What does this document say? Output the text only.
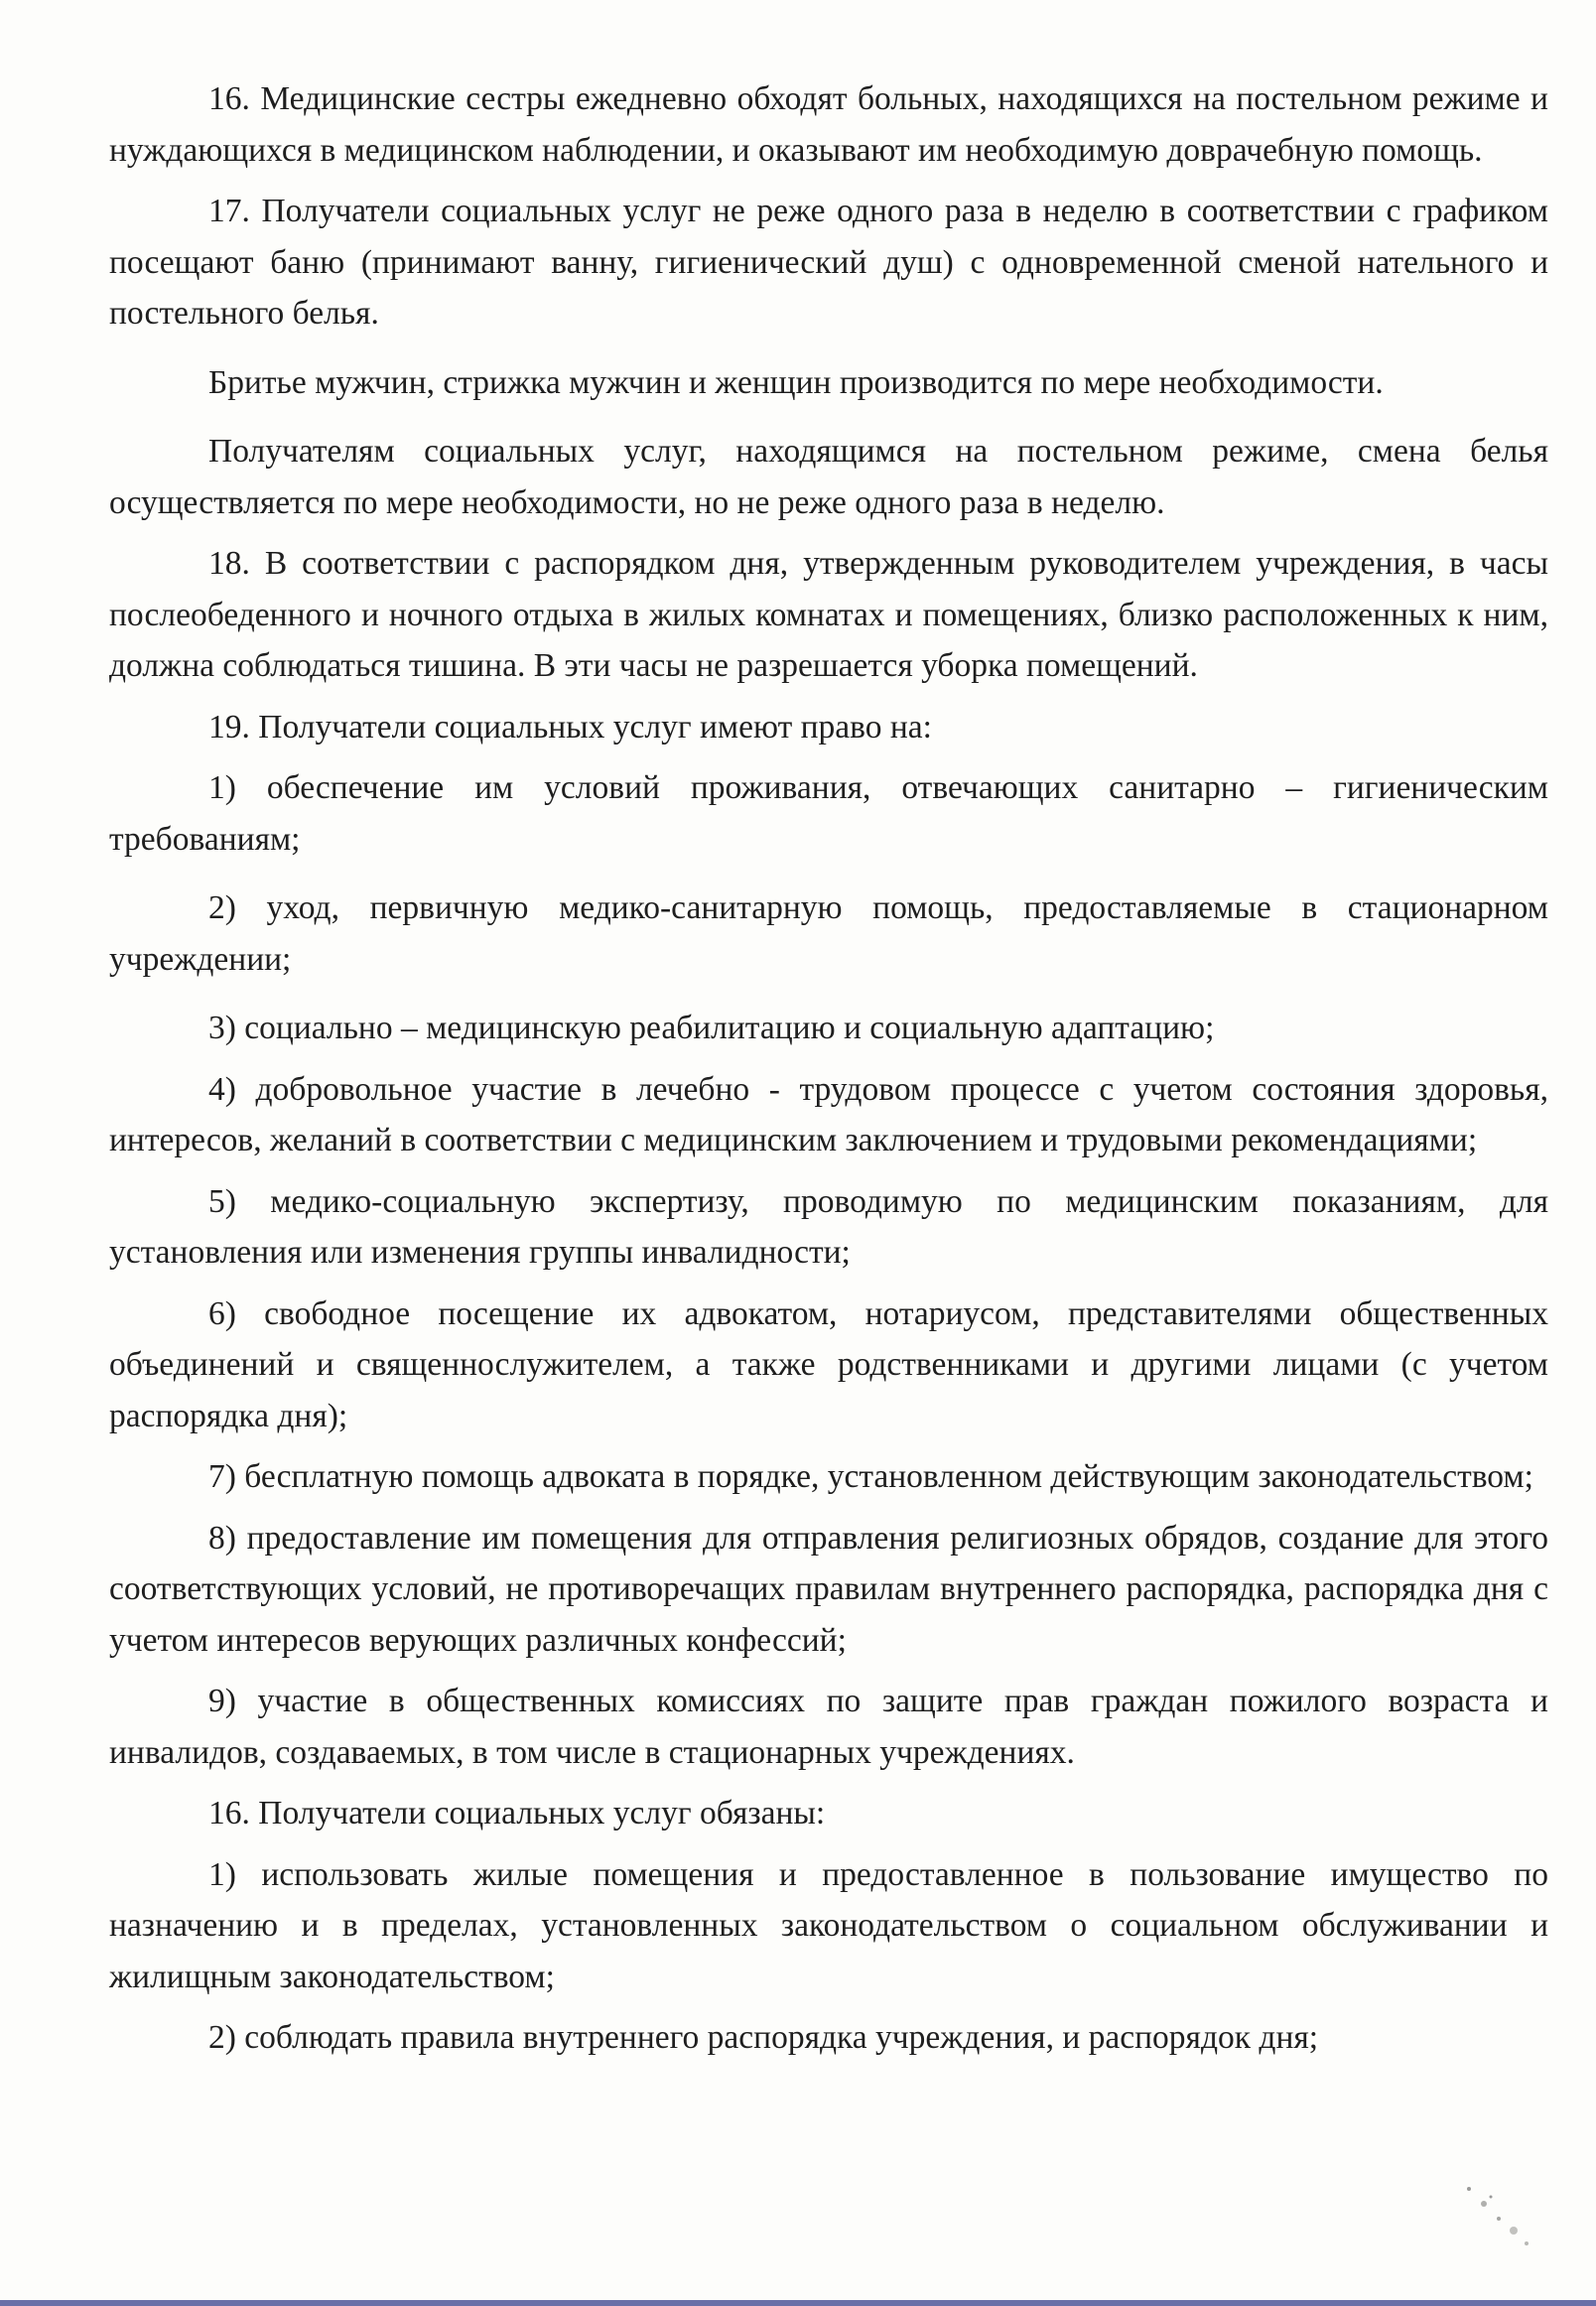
16. Медицинские сестры ежедневно обходят больных, находящихся на постельном режиме и нуждающихся в медицинском наблюдении, и оказывают им необходимую доврачебную помощь.

17. Получатели социальных услуг не реже одного раза в неделю в соответствии с графиком посещают баню (принимают ванну, гигиенический душ) с одновременной сменой нательного и постельного белья.

Бритье мужчин, стрижка мужчин и женщин производится по мере необходимости.

Получателям социальных услуг, находящимся на постельном режиме, смена белья осуществляется по мере необходимости, но не реже одного раза в неделю.

18. В соответствии с распорядком дня, утвержденным руководителем учреждения, в часы послеобеденного и ночного отдыха в жилых комнатах и помещениях, близко расположенных к ним, должна соблюдаться тишина. В эти часы не разрешается уборка помещений.

19. Получатели социальных услуг имеют право на:

1) обеспечение им условий проживания, отвечающих санитарно – гигиеническим требованиям;

2) уход, первичную медико-санитарную помощь, предоставляемые в стационарном учреждении;

3) социально – медицинскую реабилитацию и социальную адаптацию;

4) добровольное участие в лечебно - трудовом процессе с учетом состояния здоровья, интересов, желаний в соответствии с медицинским заключением и трудовыми рекомендациями;

5) медико-социальную экспертизу, проводимую по медицинским показаниям, для установления или изменения группы инвалидности;

6) свободное посещение их адвокатом, нотариусом, представителями общественных объединений и священнослужителем, а также родственниками и другими лицами (с учетом распорядка дня);

7) бесплатную помощь адвоката в порядке, установленном действующим законодательством;

8) предоставление им помещения для отправления религиозных обрядов, создание для этого соответствующих условий, не противоречащих правилам внутреннего распорядка, распорядка дня с учетом интересов верующих различных конфессий;

9) участие в общественных комиссиях по защите прав граждан пожилого возраста и инвалидов, создаваемых, в том числе в стационарных учреждениях.

16. Получатели социальных услуг обязаны:

1) использовать жилые помещения и предоставленное в пользование имущество по назначению и в пределах, установленных законодательством о социальном обслуживании и жилищным законодательством;

2) соблюдать правила внутреннего распорядка учреждения, и распорядок дня;
